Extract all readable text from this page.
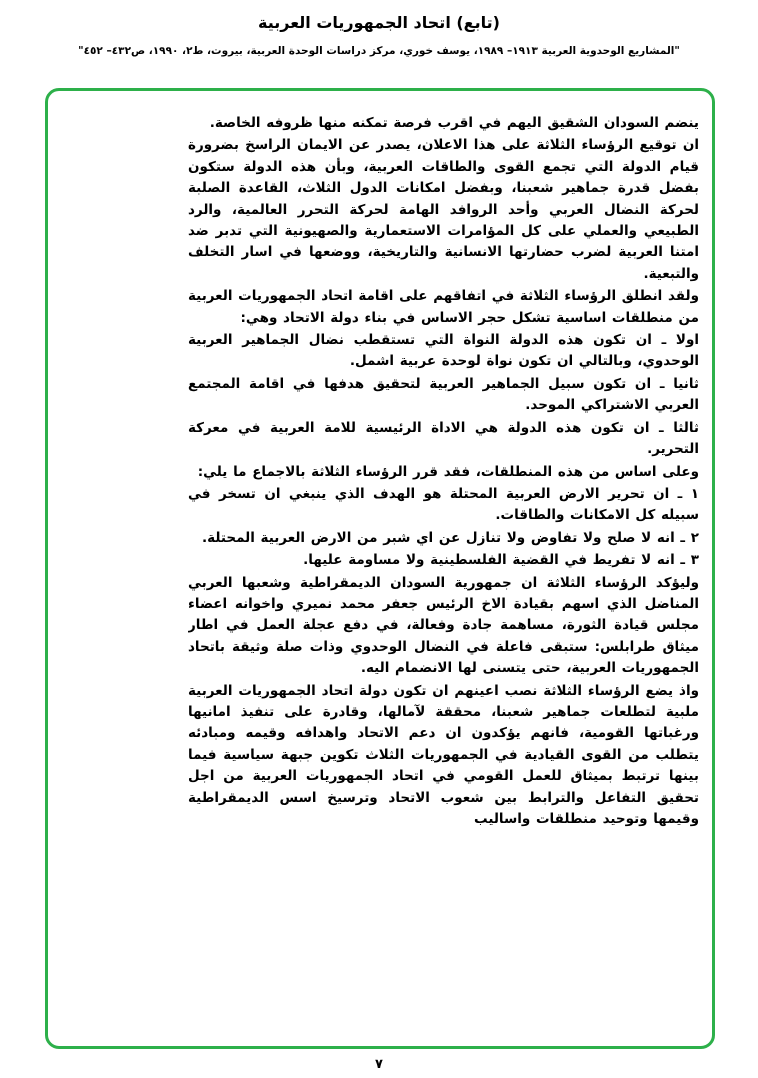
(تابع) اتحاد الجمهوريات العربية
"المشاريع الوحدوية العربية ١٩١٣– ١٩٨٩، يوسف خوري، مركز دراسات الوحدة العربية، بيروت، ط٢، ١٩٩٠، ص٤٣٢– ٤٥٢"

ينضم السودان الشقيق اليهم في اقرب فرصة تمكنه منها ظروفه الخاصة.

ان توقيع الرؤساء الثلاثة على هذا الاعلان، يصدر عن الايمان الراسخ بضرورة قيام الدولة التي تجمع القوى والطاقات العربية، وبأن هذه الدولة ستكون بفضل قدرة جماهير شعبنا، وبفضل امكانات الدول الثلاث، القاعدة الصلبة لحركة النضال العربي وأحد الروافد الهامة لحركة التحرر العالمية، والرد الطبيعي والعملي على كل المؤامرات الاستعمارية والصهيونية التي تدبر ضد امتنا العربية لضرب حضارتها الانسانية والتاريخية، ووضعها في اسار التخلف والتبعية.

ولقد انطلق الرؤساء الثلاثة في اتفاقهم على اقامة اتحاد الجمهوريات العربية من منطلقات اساسية تشكل حجر الاساس في بناء دولة الاتحاد وهي:

اولا ـ ان تكون هذه الدولة النواة التي تستقطب نضال الجماهير العربية الوحدوي، وبالتالي ان تكون نواة لوحدة عربية اشمل.

ثانيا ـ ان تكون سبيل الجماهير العربية لتحقيق هدفها في اقامة المجتمع العربي الاشتراكي الموحد.

ثالثا ـ ان تكون هذه الدولة هي الاداة الرئيسية للامة العربية في معركة التحرير.

وعلى اساس من هذه المنطلقات، فقد قرر الرؤساء الثلاثة بالاجماع ما يلي:

١ ـ ان تحرير الارض العربية المحتلة هو الهدف الذي ينبغي ان تسخر في سبيله كل الامكانات والطاقات.

٢ ـ انه لا صلح ولا تفاوض ولا تنازل عن اي شبر من الارض العربية المحتلة.

٣ ـ انه لا تفريط في القضية الفلسطينية ولا مساومة عليها.

وليؤكد الرؤساء الثلاثة ان جمهورية السودان الديمقراطية وشعبها العربي المناضل الذي اسهم بقيادة الاخ الرئيس جعفر محمد نميري واخوانه اعضاء مجلس قيادة الثورة، مساهمة جادة وفعالة، في دفع عجلة العمل في اطار ميثاق طرابلس: ستبقى فاعلة في النضال الوحدوي وذات صلة وثيقة باتحاد الجمهوريات العربية، حتى يتسنى لها الانضمام اليه.

واذ يضع الرؤساء الثلاثة نصب اعينهم ان تكون دولة اتحاد الجمهوريات العربية ملبية لتطلعات جماهير شعبنا، محققة لآمالها، وقادرة على تنفيذ امانيها ورغباتها القومية، فانهم يؤكدون ان دعم الاتحاد واهدافه وقيمه ومبادئه يتطلب من القوى القيادية في الجمهوريات الثلاث تكوين جبهة سياسية فيما بينها ترتبط بميثاق للعمل القومي في اتحاد الجمهوريات العربية من اجل تحقيق التفاعل والترابط بين شعوب الاتحاد وترسيخ اسس الديمقراطية وقيمها وتوحيد منطلقات واساليب

٧
